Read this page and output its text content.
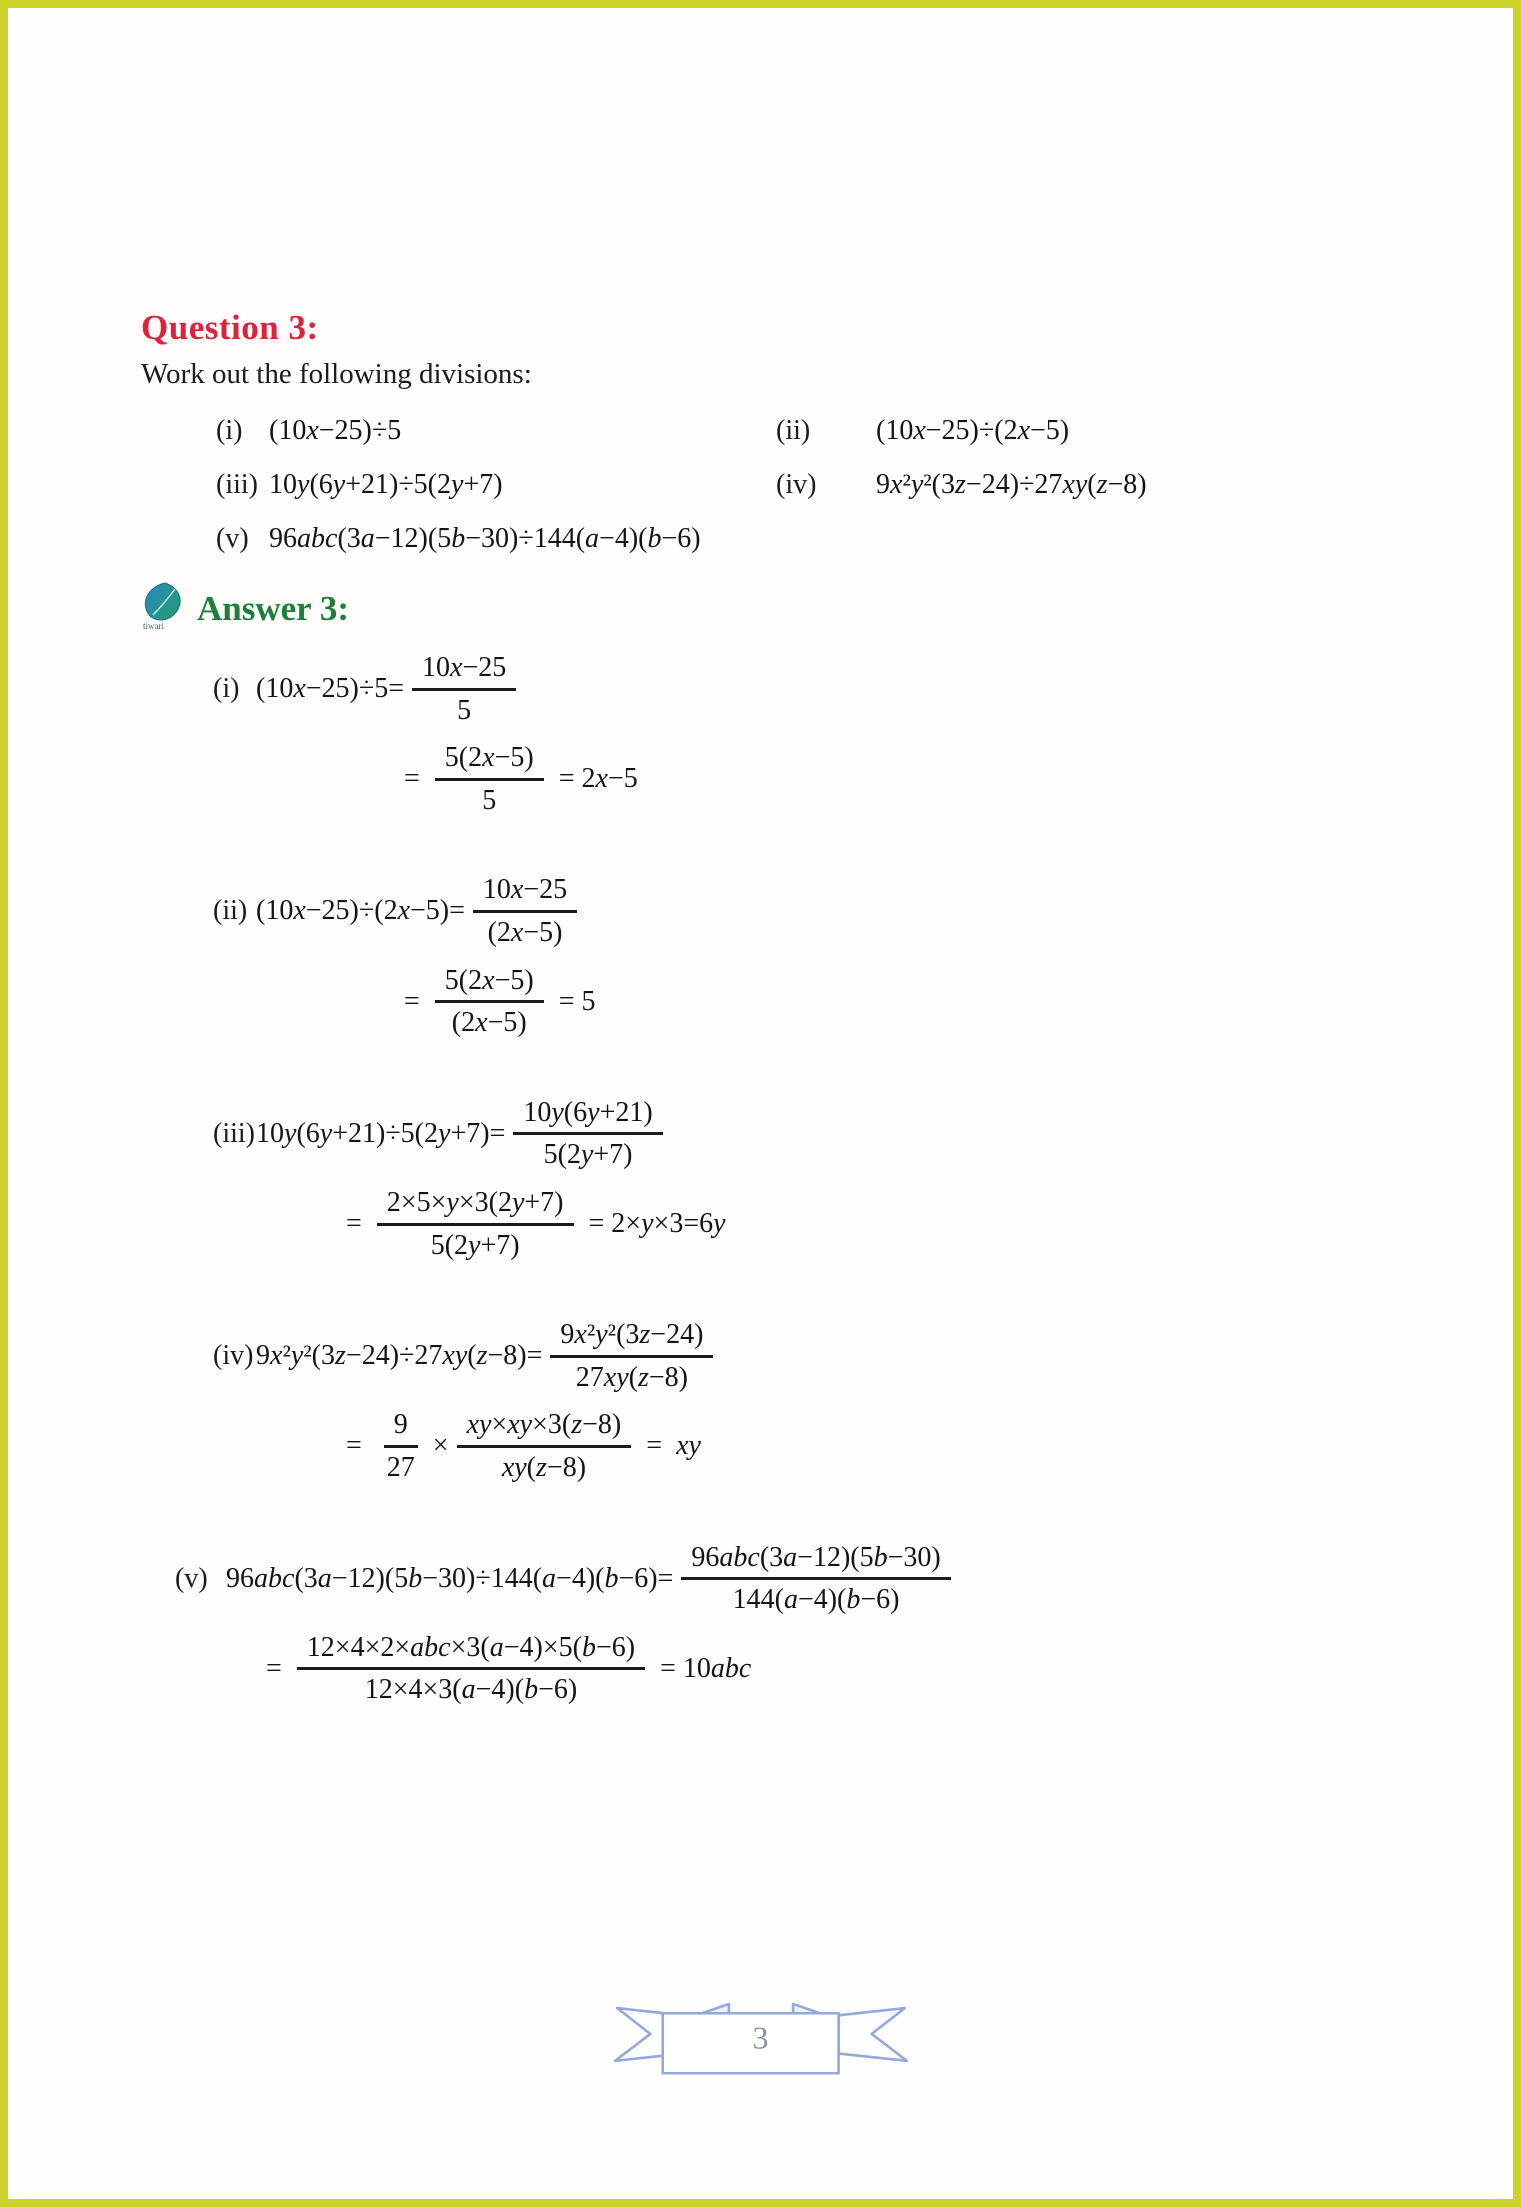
Question 3:

Work out the following divisions:

(i) (10x−25)÷5	(ii)	(10x−25)÷(2x−5)
(iii) 10y(6y+21)÷5(2y+7)	(iv)	9x²y²(3z−24)÷27xy(z−8)
(v) 96abc(3a−12)(5b−30)÷144(a−4)(b−6)
tiwari Answer 3:
(i) $(10x-25)\div 5= \frac{10x-25}{5}$
= $\frac{5(2x-5)}{5} = 2x-5$
(ii) $(10x-25)\div(2x-5)= \frac{10x-25}{(2x-5)}$
= $\frac{5(2x-5)}{(2x-5)} = 5$
(iii) $10y(6y+21)\div 5(2y+7)= \frac{10y(6y+21)}{5(2y+7)}$
= $\frac{2\times 5\times y\times 3(2y+7)}{5(2y+7)} = 2\times y\times 3=6y$
(iv) $9x^2y^2(3z-24)\div 27xy(z-8)= \frac{\text{9x²y²(3z−24)}}{27xy(z-8)}$
= $\frac{9}{27} \times \frac{xy\times xy\times 3(z-8)}{xy(z-8)}$ =  xy
(v) $96abc(3a-12)(5b-30)\div 144(a-4)(b-6)= \frac{\text{96abc(3a−12)(5b−30)}}{144(a-4)(b-6)}$
= $\frac{\text{12×4×2×abc×3(a−4)×5(b−6)}}{12\times 4\times 3(a-4)(b-6)} = 10abc$
3
